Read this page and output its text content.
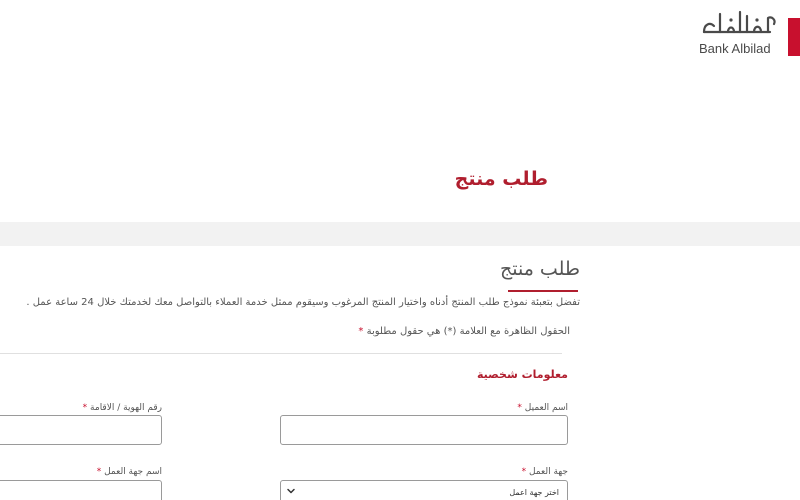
Bank Albilad
طلب منتج
طلب منتج
تفضل بتعبئة نموذج طلب المنتج أدناه واختيار المنتج المرغوب وسيقوم ممثل خدمة العملاء بالتواصل معك لخدمتك خلال 24 ساعة عمل .
الحقول الظاهرة مع العلامة (*) هي حقول مطلوبة *
معلومات شخصية
اسم العميل *
رقم الهوية / الاقامة *
جهة العمل *
اختر جهة اعمل
اسم جهة العمل *
